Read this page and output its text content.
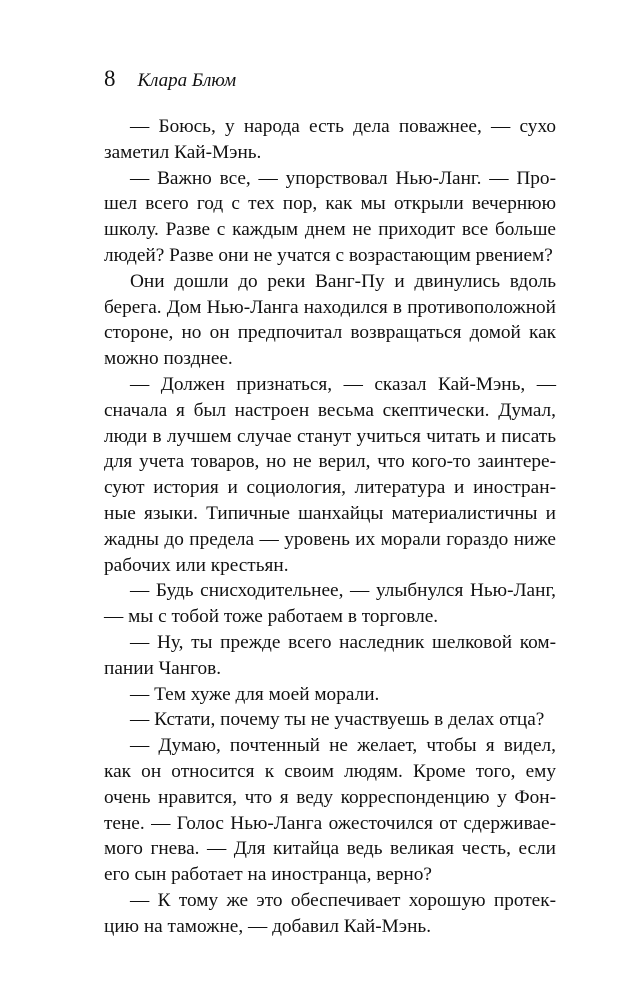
8 Клара Блюм

— Боюсь, у народа есть дела поважнее, — сухо заметил Кай-Мэнь.

— Важно все, — упорствовал Нью-Ланг. — Прошел всего год с тех пор, как мы открыли вечернюю школу. Разве с каждым днем не приходит все больше людей? Разве они не учатся с возрастающим рвением?

Они дошли до реки Ванг-Пу и двинулись вдоль берега. Дом Нью-Ланга находился в противоположной стороне, но он предпочитал возвращаться домой как можно позднее.

— Должен признаться, — сказал Кай-Мэнь, — сначала я был настроен весьма скептически. Думал, люди в лучшем случае станут учиться читать и писать для учета товаров, но не верил, что кого-то заинтересуют история и социология, литература и иностранные языки. Типичные шанхайцы материалистичны и жадны до предела — уровень их морали гораздо ниже рабочих или крестьян.

— Будь снисходительнее, — улыбнулся Нью-Ланг, — мы с тобой тоже работаем в торговле.

— Ну, ты прежде всего наследник шелковой компании Чангов.

— Тем хуже для моей морали.

— Кстати, почему ты не участвуешь в делах отца?

— Думаю, почтенный не желает, чтобы я видел, как он относится к своим людям. Кроме того, ему очень нравится, что я веду корреспонденцию у Фонтене. — Голос Нью-Ланга ожесточился от сдерживаемого гнева. — Для китайца ведь великая честь, если его сын работает на иностранца, верно?

— К тому же это обеспечивает хорошую протекцию на таможне, — добавил Кай-Мэнь.
